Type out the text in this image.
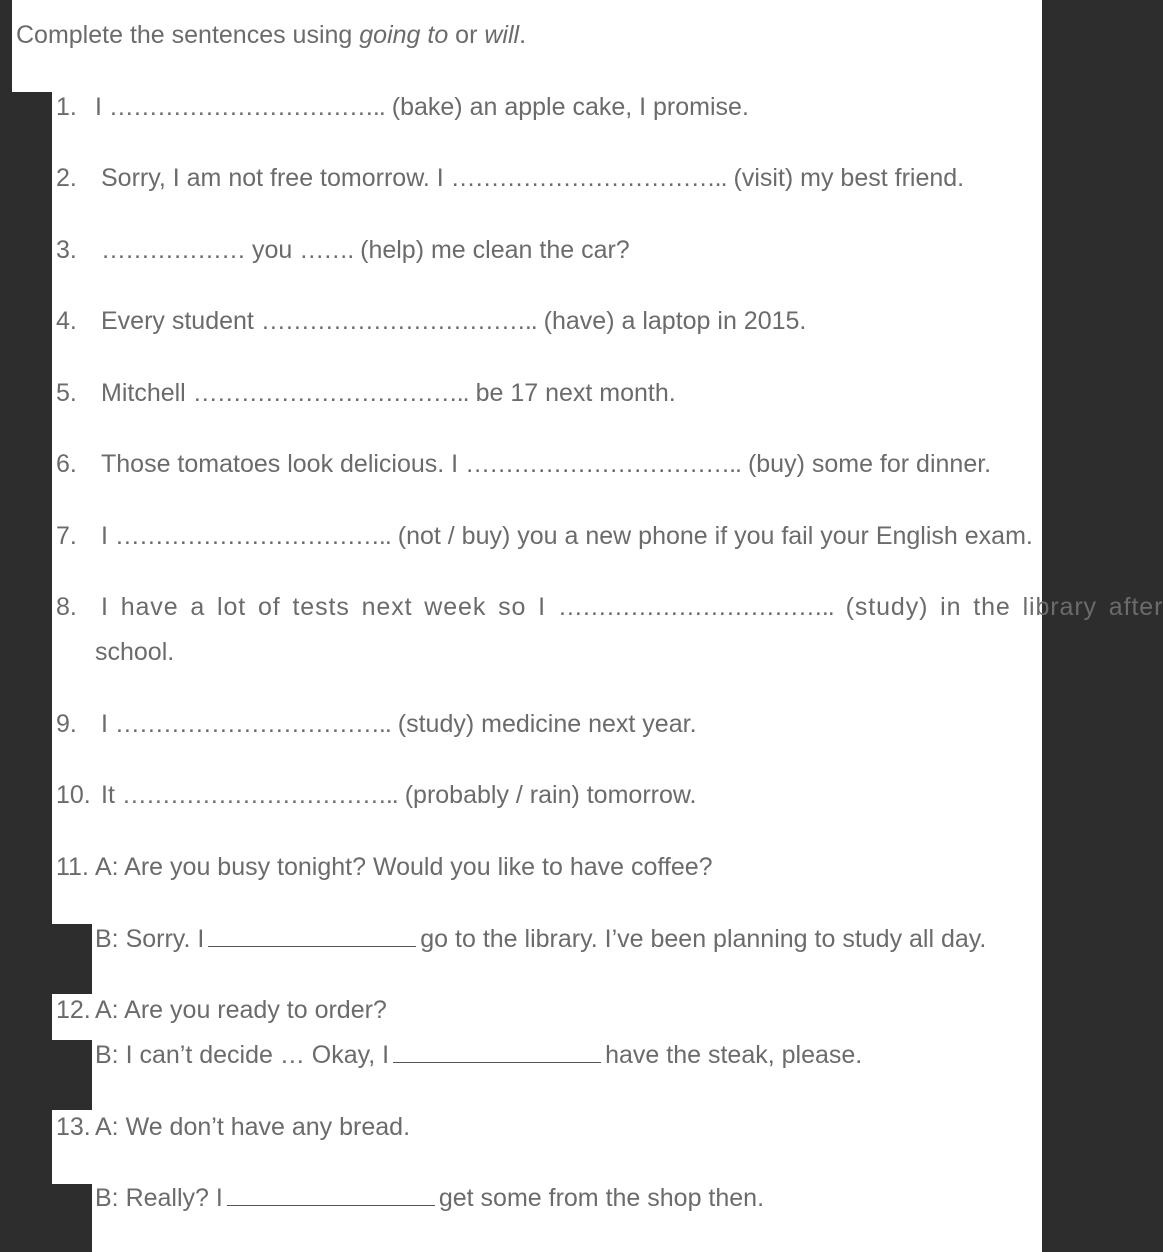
Complete the sentences using going to or will.
1. I …………………………….. (bake) an apple cake, I promise.
2. Sorry, I am not free tomorrow. I …………………………….. (visit) my best friend.
3. ……………… you ……. (help) me clean the car?
4. Every student …………………………….. (have) a laptop in 2015.
5. Mitchell …………………………….. be 17 next month.
6. Those tomatoes look delicious. I …………………………….. (buy) some for dinner.
7. I …………………………….. (not / buy) you a new phone if you fail your English exam.
8. I have a lot of tests next week so I …………………………….. (study) in the library after
school.
9. I …………………………….. (study) medicine next year.
10. It …………………………….. (probably / rain) tomorrow.
11. A: Are you busy tonight? Would you like to have coffee?
B: Sorry. I	go to the library. I’ve been planning to study all day.
12. A: Are you ready to order?
B: I can’t decide … Okay, I	have the steak, please.
13. A: We don’t have any bread.
B: Really? I	get some from the shop then.
